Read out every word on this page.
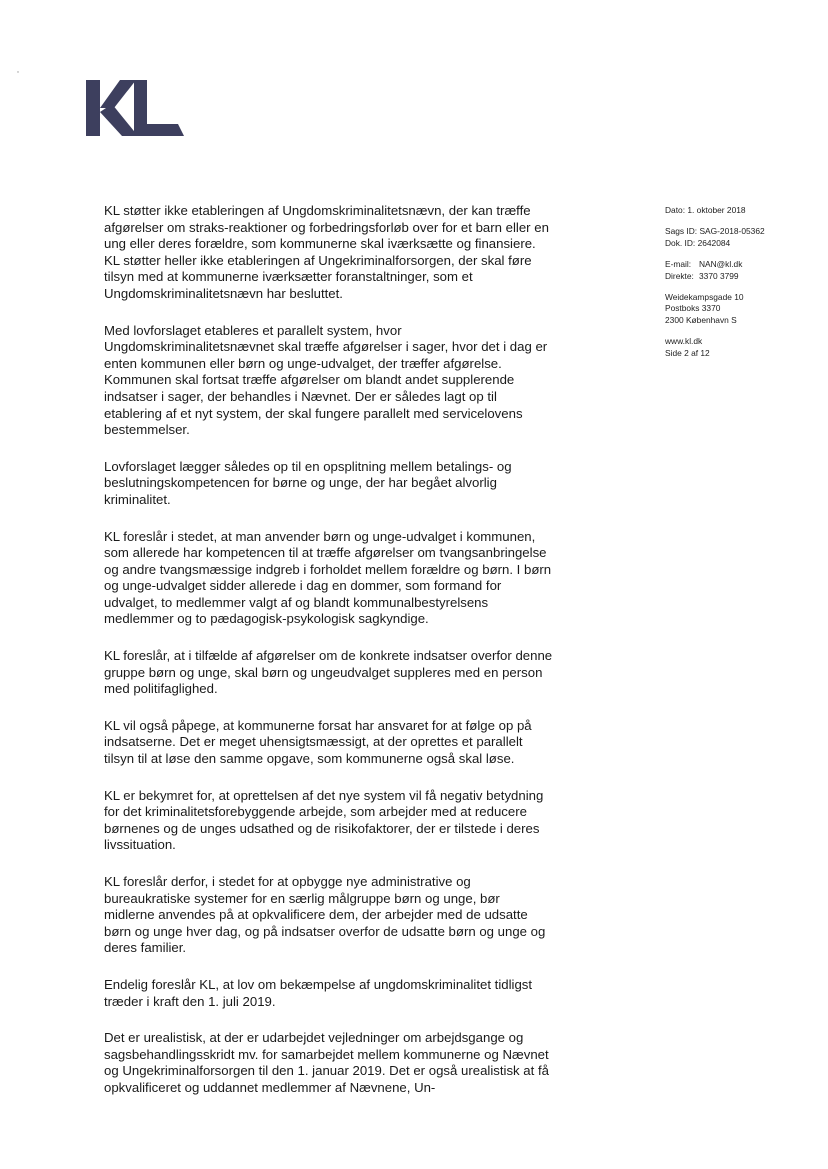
KL støtter ikke etableringen af Ungdomskriminalitetsnævn, der kan træffe afgørelser om straks-reaktioner og forbedringsforløb over for et barn eller en ung eller deres forældre, som kommunerne skal iværksætte og finansiere. KL støtter heller ikke etableringen af Ungekriminalforsorgen, der skal føre tilsyn med at kommunerne iværksætter foranstaltninger, som et Ungdomskriminalitetsnævn har besluttet.

Med lovforslaget etableres et parallelt system, hvor Ungdomskriminalitetsnævnet skal træffe afgørelser i sager, hvor det i dag er enten kommunen eller børn og unge-udvalget, der træffer afgørelse. Kommunen skal fortsat træffe afgørelser om blandt andet supplerende indsatser i sager, der behandles i Nævnet. Der er således lagt op til etablering af et nyt system, der skal fungere parallelt med servicelovens bestemmelser.

Lovforslaget lægger således op til en opsplitning mellem betalings- og beslutningskompetencen for børne og unge, der har begået alvorlig kriminalitet.

KL foreslår i stedet, at man anvender børn og unge-udvalget i kommunen, som allerede har kompetencen til at træffe afgørelser om tvangsanbringelse og andre tvangsmæssige indgreb i forholdet mellem forældre og børn. I børn og unge-udvalget sidder allerede i dag en dommer, som formand for udvalget, to medlemmer valgt af og blandt kommunalbestyrelsens medlemmer og to pædagogisk-psykologisk sagkyndige.

KL foreslår, at i tilfælde af afgørelser om de konkrete indsatser overfor denne gruppe børn og unge, skal børn og ungeudvalget suppleres med en person med politifaglighed.

KL vil også påpege, at kommunerne forsat har ansvaret for at følge op på indsatserne. Det er meget uhensigtsmæssigt, at der oprettes et parallelt tilsyn til at løse den samme opgave, som kommunerne også skal løse.

KL er bekymret for, at oprettelsen af det nye system vil få negativ betydning for det kriminalitetsforebyggende arbejde, som arbejder med at reducere børnenes og de unges udsathed og de risikofaktorer, der er tilstede i deres livssituation.

KL foreslår derfor, i stedet for at opbygge nye administrative og bureaukratiske systemer for en særlig målgruppe børn og unge, bør midlerne anvendes på at opkvalificere dem, der arbejder med de udsatte børn og unge hver dag, og på indsatser overfor de udsatte børn og unge og deres familier.

Endelig foreslår KL, at lov om bekæmpelse af ungdomskriminalitet tidligst træder i kraft den 1. juli 2019.

Det er urealistisk, at der er udarbejdet vejledninger om arbejdsgange og sagsbehandlingsskridt mv. for samarbejdet mellem kommunerne og Nævnet og Ungekriminalforsorgen til den 1. januar 2019. Det er også urealistisk at få opkvalificeret og uddannet medlemmer af Nævnene, Un-

Dato: 1. oktober 2018
Sags ID: SAG-2018-05362
Dok. ID: 2642084
E-mail: NAN@kl.dk
Direkte: 3370 3799
Weidekampsgade 10
Postboks 3370
2300 København S
www.kl.dk
Side 2 af 12
